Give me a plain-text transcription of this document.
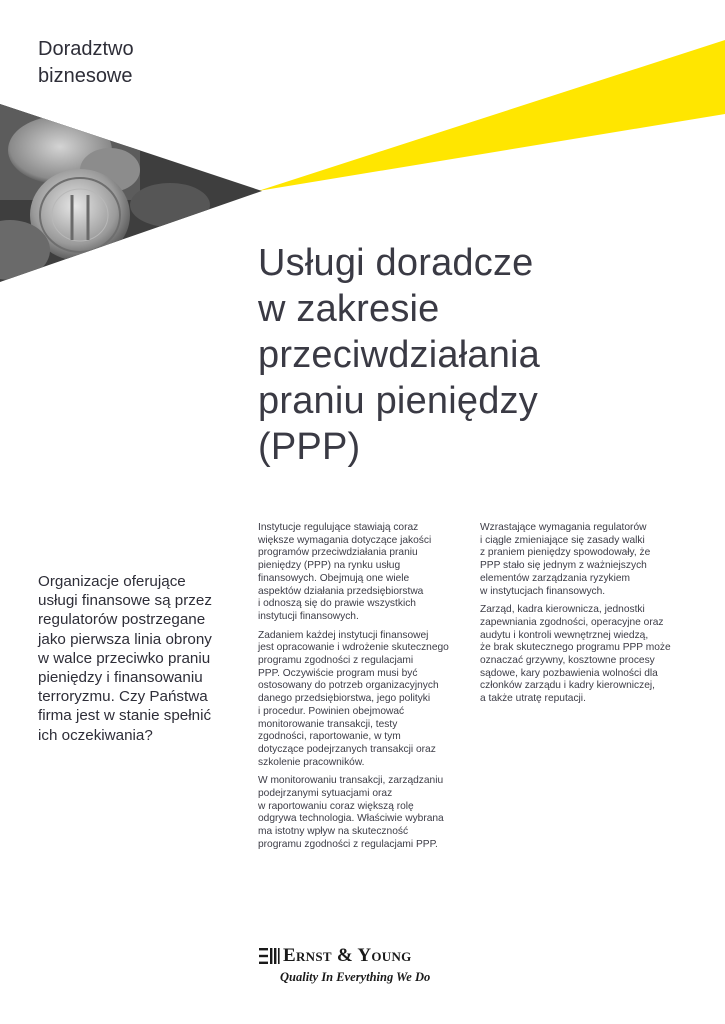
Doradztwo
biznesowe
Usługi doradcze
w zakresie
przeciwdziałania
praniu pieniędzy
(PPP)
Organizacje oferujące
usługi finansowe są przez
regulatorów postrzegane
jako pierwsza linia obrony
w walce przeciwko praniu
pieniędzy i finansowaniu
terroryzmu. Czy Państwa
firma jest w stanie spełnić
ich oczekiwania?

Instytucje regulujące stawiają coraz
większe wymagania dotyczące jakości
programów przeciwdziałania praniu
pieniędzy (PPP) na rynku usług
finansowych. Obejmują one wiele
aspektów działania przedsiębiorstwa
i odnoszą się do prawie wszystkich
instytucji finansowych.

Zadaniem każdej instytucji finansowej
jest opracowanie i wdrożenie skutecznego
programu zgodności z regulacjami
PPP. Oczywiście program musi być
ostosowany do potrzeb organizacyjnych
danego przedsiębiorstwa, jego polityki
i procedur. Powinien obejmować
monitorowanie transakcji, testy
zgodności, raportowanie, w tym
dotyczące podejrzanych transakcji oraz
szkolenie pracowników.

W monitorowaniu transakcji, zarządzaniu
podejrzanymi sytuacjami oraz
w raportowaniu coraz większą rolę
odgrywa technologia. Właściwie wybrana
ma istotny wpływ na skuteczność
programu zgodności z regulacjami PPP.

Wzrastające wymagania regulatorów
i ciągle zmieniające się zasady walki
z praniem pieniędzy spowodowały, że
PPP stało się jednym z ważniejszych
elementów zarządzania ryzykiem
w instytucjach finansowych.

Zarząd, kadra kierownicza, jednostki
zapewniania zgodności, operacyjne oraz
audytu i kontroli wewnętrznej wiedzą,
że brak skutecznego programu PPP może
oznaczać grzywny, kosztowne procesy
sądowe, kary pozbawienia wolności dla
członków zarządu i kadry kierowniczej,
a także utratę reputacji.

Ernst & Young
Quality In Everything We Do
